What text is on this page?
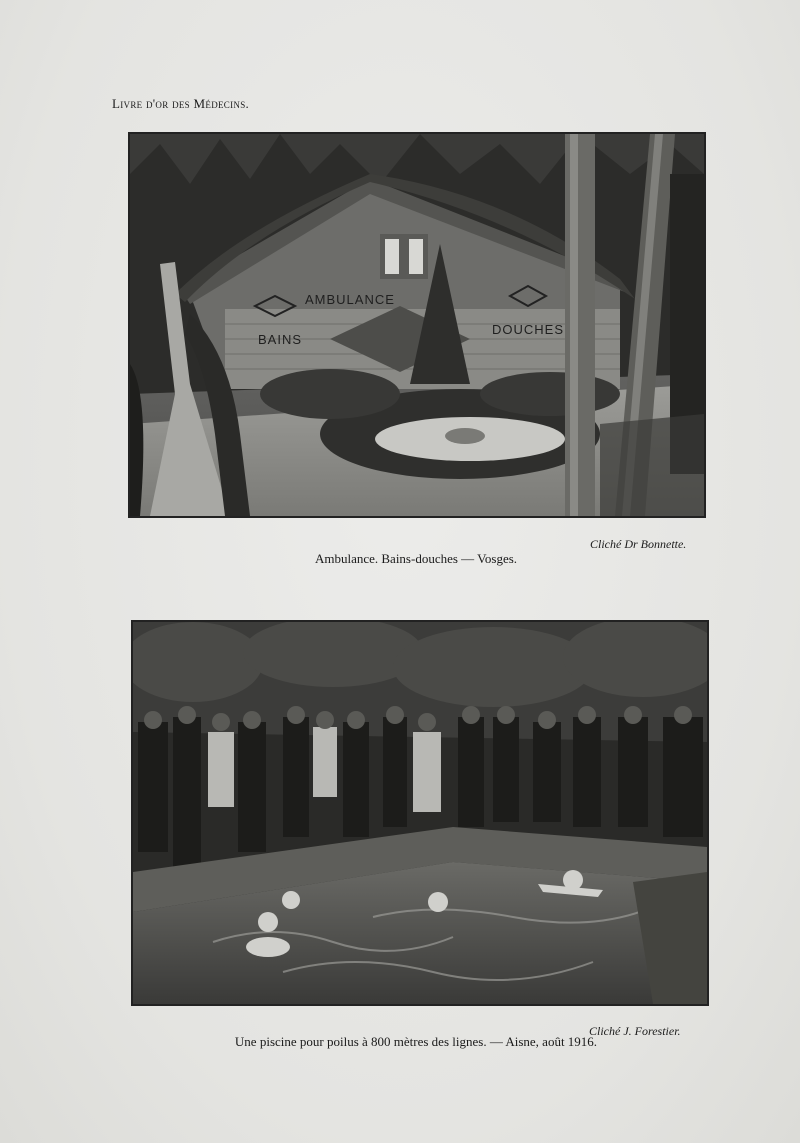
Livre d'or des Médecins.
AMBULANCE
BAINS
DOUCHES
Cliché Dr Bonnette.
Ambulance. Bains-douches — Vosges.
Cliché J. Forestier.
Une piscine pour poilus à 800 mètres des lignes. — Aisne, août 1916.
